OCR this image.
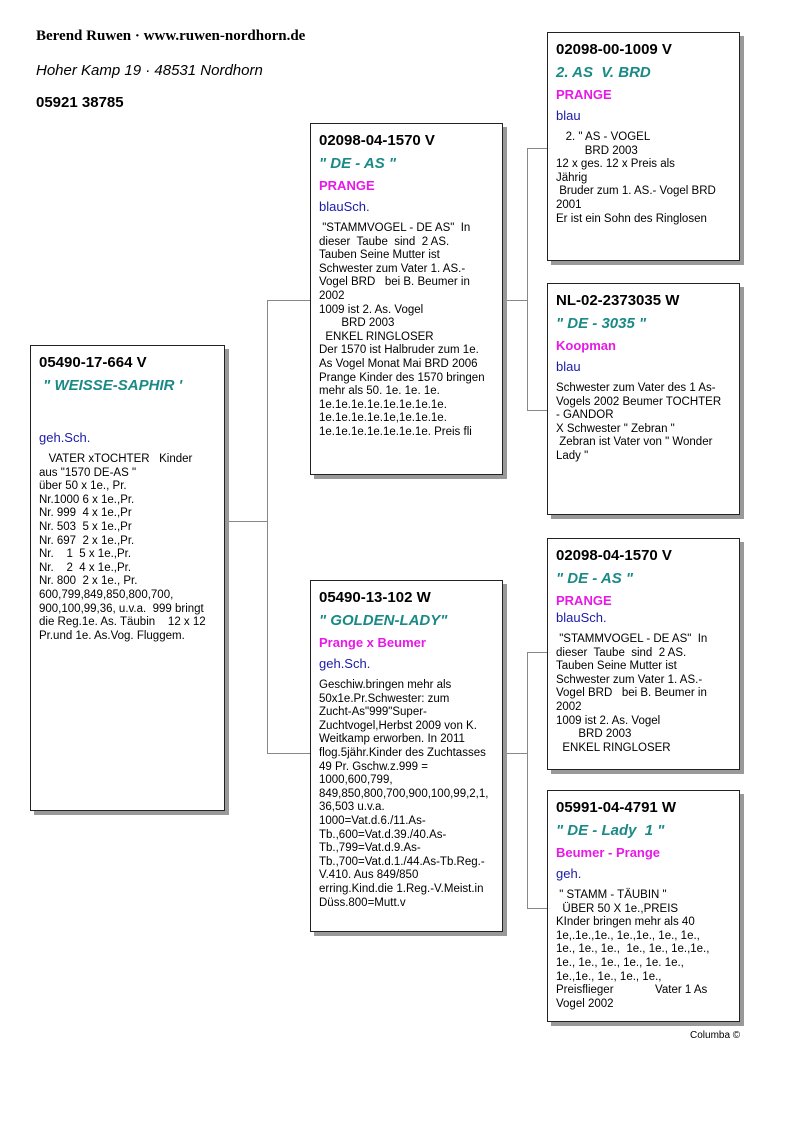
Berend Ruwen · www.ruwen-nordhorn.de
Hoher Kamp 19 · 48531 Nordhorn
05921 38785
05490-17-664 V
" WEISSE-SAPHIR '
geh.Sch.
VATER xTOCHTER   Kinder
aus "1570 DE-AS "
über 50 x 1e., Pr.
Nr.1000 6 x 1e.,Pr.
Nr. 999  4 x 1e.,Pr
Nr. 503  5 x 1e.,Pr
Nr. 697  2 x 1e.,Pr.
Nr.    1  5 x 1e.,Pr.
Nr.    2  4 x 1e.,Pr.
Nr. 800  2 x 1e., Pr.
600,799,849,850,800,700,
900,100,99,36, u.v.a.  999 bringt
die Reg.1e. As. Täubin    12 x 12
Pr.und 1e. As.Vog. Fluggem.
02098-04-1570 V
" DE - AS "
PRANGE
blauSch.
"STAMMVOGEL - DE AS"  In
dieser  Taube  sind  2 AS.
Tauben Seine Mutter ist
Schwester zum Vater 1. AS.-
Vogel BRD   bei B. Beumer in
2002
1009 ist 2. As. Vogel
BRD 2003
ENKEL RINGLOSER
Der 1570 ist Halbruder zum 1e.
As Vogel Monat Mai BRD 2006
Prange Kinder des 1570 bringen
mehr als 50. 1e. 1e. 1e.
1e.1e.1e.1e.1e.1e.1e.1e.
1e.1e.1e.1e.1e,1e.1e.1e.
1e.1e.1e.1e.1e.1e.1e. Preis fli
05490-13-102 W
" GOLDEN-LADY"
Prange x Beumer
geh.Sch.
Geschiw.bringen mehr als
50x1e.Pr.Schwester: zum
Zucht-As"999"Super-
Zuchtvogel,Herbst 2009 von K.
Weitkamp erworben. In 2011
flog.5jähr.Kinder des Zuchtasses
49 Pr. Gschw.z.999 =
1000,600,799,
849,850,800,700,900,100,99,2,1,
36,503 u.v.a.
1000=Vat.d.6./11.As-
Tb.,600=Vat.d.39./40.As-
Tb.,799=Vat.d.9.As-
Tb.,700=Vat.d.1./44.As-Tb.Reg.-
V.410. Aus 849/850
erring.Kind.die 1.Reg.-V.Meist.in
Düss.800=Mutt.v
02098-00-1009 V
2. AS  V. BRD
PRANGE
blau
2. " AS - VOGEL
BRD 2003
12 x ges. 12 x Preis als
Jährig
Bruder zum 1. AS.- Vogel BRD
2001
Er ist ein Sohn des Ringlosen
NL-02-2373035 W
" DE - 3035 "
Koopman
blau
Schwester zum Vater des 1 As-
Vogels 2002 Beumer TOCHTER
- GANDOR
X Schwester " Zebran "
Zebran ist Vater von " Wonder
Lady "
02098-04-1570 V
" DE - AS "
PRANGE
blauSch.
"STAMMVOGEL - DE AS"  In
dieser  Taube  sind  2 AS.
Tauben Seine Mutter ist
Schwester zum Vater 1. AS.-
Vogel BRD   bei B. Beumer in
2002
1009 ist 2. As. Vogel
BRD 2003
ENKEL RINGLOSER
05991-04-4791 W
" DE - Lady  1 "
Beumer - Prange
geh.
" STAMM - TÄUBIN "
ÜBER 50 X 1e.,PREIS
KInder bringen mehr als 40
1e,.1e.,1e., 1e.,1e., 1e., 1e.,
1e., 1e., 1e.,  1e., 1e., 1e.,1e.,
1e., 1e., 1e., 1e., 1e. 1e.,
1e.,1e., 1e., 1e., 1e.,
Preisflieger             Vater 1 As
Vogel 2002
Columba ©
